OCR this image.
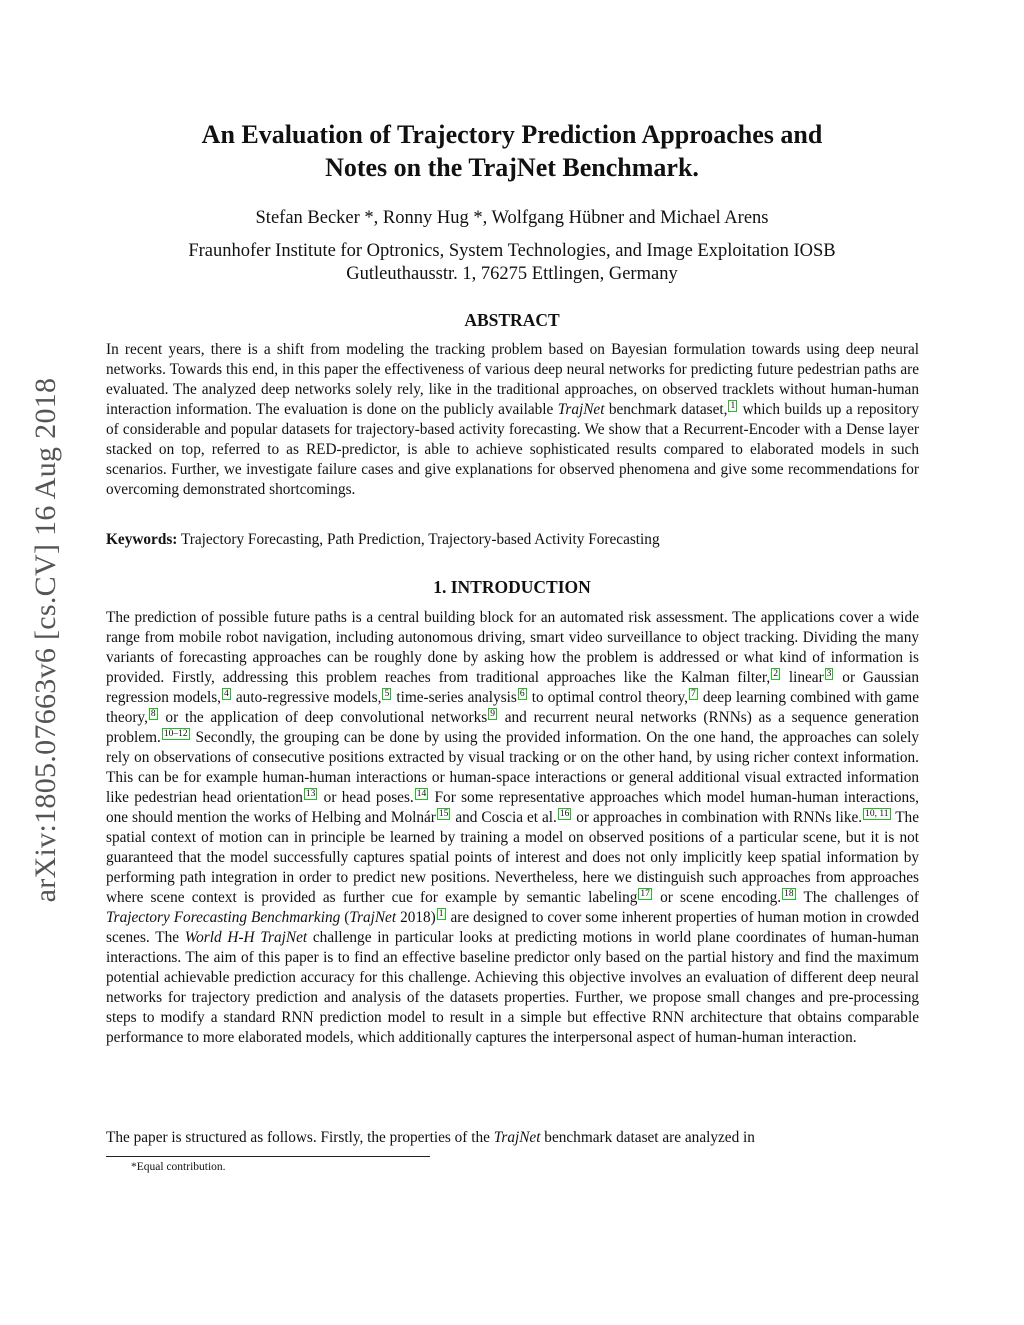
arXiv:1805.07663v6 [cs.CV] 16 Aug 2018
An Evaluation of Trajectory Prediction Approaches and
Notes on the TrajNet Benchmark.
Stefan Becker *, Ronny Hug *, Wolfgang Hübner and Michael Arens
Fraunhofer Institute for Optronics, System Technologies, and Image Exploitation IOSB
Gutleuthausstr. 1, 76275 Ettlingen, Germany
ABSTRACT

In recent years, there is a shift from modeling the tracking problem based on Bayesian formulation towards using deep neural networks. Towards this end, in this paper the effectiveness of various deep neural networks for predicting future pedestrian paths are evaluated. The analyzed deep networks solely rely, like in the traditional approaches, on observed tracklets without human-human interaction information. The evaluation is done on the publicly available TrajNet benchmark dataset, 1 which builds up a repository of considerable and popular datasets for trajectory-based activity forecasting. We show that a Recurrent-Encoder with a Dense layer stacked on top, referred to as RED-predictor, is able to achieve sophisticated results compared to elaborated models in such scenarios. Further, we investigate failure cases and give explanations for observed phenomena and give some recommendations for overcoming demonstrated shortcomings.

Keywords: Trajectory Forecasting, Path Prediction, Trajectory-based Activity Forecasting

1. INTRODUCTION

The prediction of possible future paths is a central building block for an automated risk assessment. The applications cover a wide range from mobile robot navigation, including autonomous driving, smart video surveillance to object tracking. Dividing the many variants of forecasting approaches can be roughly done by asking how the problem is addressed or what kind of information is provided. Firstly, addressing this problem reaches from traditional approaches like the Kalman filter, 2 linear 3 or Gaussian regression models, 4 auto-regressive models, 5 time-series analysis 6 to optimal control theory, 7 deep learning combined with game theory, 8 or the application of deep convolutional networks 9 and recurrent neural networks (RNNs) as a sequence generation problem. 10–12 Secondly, the grouping can be done by using the provided information. On the one hand, the approaches can solely rely on observations of consecutive positions extracted by visual tracking or on the other hand, by using richer context information. This can be for example human-human interactions or human-space interactions or general additional visual extracted information like pedestrian head orientation 13 or head poses. 14 For some representative approaches which model human-human interactions, one should mention the works of Helbing and Molnár 15 and Coscia et al. 16 or approaches in combination with RNNs like. 10, 11 The spatial context of motion can in principle be learned by training a model on observed positions of a particular scene, but it is not guaranteed that the model successfully captures spatial points of interest and does not only implicitly keep spatial information by performing path integration in order to predict new positions. Nevertheless, here we distinguish such approaches from approaches where scene context is provided as further cue for example by semantic labeling 17 or scene encoding. 18 The challenges of Trajectory Forecasting Benchmarking (TrajNet 2018) 1 are designed to cover some inherent properties of human motion in crowded scenes. The World H-H TrajNet challenge in particular looks at predicting motions in world plane coordinates of human-human interactions. The aim of this paper is to find an effective baseline predictor only based on the partial history and find the maximum potential achievable prediction accuracy for this challenge. Achieving this objective involves an evaluation of different deep neural networks for trajectory prediction and analysis of the datasets properties. Further, we propose small changes and pre-processing steps to modify a standard RNN prediction model to result in a simple but effective RNN architecture that obtains comparable performance to more elaborated models, which additionally captures the interpersonal aspect of human-human interaction.

The paper is structured as follows. Firstly, the properties of the TrajNet benchmark dataset are analyzed in

*Equal contribution.
